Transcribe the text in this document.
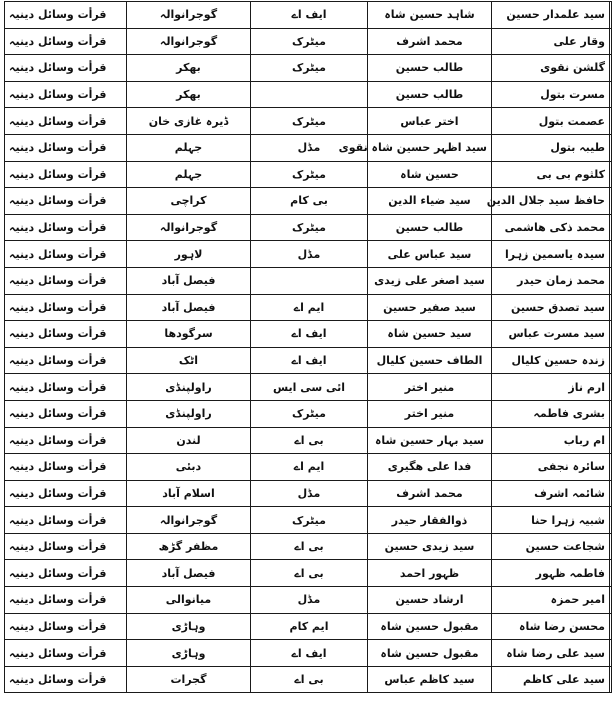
قرأت وسائل دینیہ	گوجرانوالہ	ایف اے	شاہد حسین شاہ	سید علمدار حسین	
قرأت وسائل دینیہ	گوجرانوالہ	میٹرک	محمد اشرف	وقار علی	
قرأت وسائل دینیہ	بھکر	میٹرک	طالب حسین	گلشن نقوی	
قرأت وسائل دینیہ	بھکر		طالب حسین	مسرت بتول	
قرأت وسائل دینیہ	ڈیرہ غازی خان	میٹرک	اختر عباس	عصمت بتول	
قرأت وسائل دینیہ	جہلم	مڈل	سید اظہر حسین شاہ نقوی	طیبہ بتول	
قرأت وسائل دینیہ	جہلم	میٹرک	حسین شاہ	کلثوم بی بی	
قرأت وسائل دینیہ	کراچی	بی کام	سید ضیاء الدین	حافظ سید جلال الدین	
قرأت وسائل دینیہ	گوجرانوالہ	میٹرک	طالب حسین	محمد ذکی ھاشمی	
قرأت وسائل دینیہ	لاہور	مڈل	سید عباس علی	سیدہ یاسمین زہرا	
قرأت وسائل دینیہ	فیصل آباد		سید اصغر علی زیدی	محمد زمان حیدر	
قرأت وسائل دینیہ	فیصل آباد	ایم اے	سید صفیر حسین	سید تصدق حسین	
قرأت وسائل دینیہ	سرگودھا	ایف اے	سید حسین شاہ	سید مسرت عباس	
قرأت وسائل دینیہ	اٹک	ایف اے	الطاف حسین کلیال	زندہ حسین کلیال	
قرأت وسائل دینیہ	راولپنڈی	ائی سی ایس	منیر اختر	ارم ناز	
قرأت وسائل دینیہ	راولپنڈی	میٹرک	منیر اختر	بشری فاطمہ	
قرأت وسائل دینیہ	لندن	بی اے	سید بہار حسین شاہ	ام رباب	
قرأت وسائل دینیہ	دبئی	ایم اے	فدا علی ھگیری	سائرہ نجفی	
قرأت وسائل دینیہ	اسلام آباد	مڈل	محمد اشرف	شائمہ اشرف	
قرأت وسائل دینیہ	گوجرانوالہ	میٹرک	ذوالفقار حیدر	شبیہ زہرا حنا	
قرأت وسائل دینیہ	مظفر گڑھ	بی اے	سید زیدی حسین	شجاعت حسین	
قرأت وسائل دینیہ	فیصل آباد	بی اے	ظہور احمد	فاطمہ ظہور	
قرأت وسائل دینیہ	میانوالی	مڈل	ارشاد حسین	امیر حمزہ	
قرأت وسائل دینیہ	وہاڑی	ایم کام	مقبول حسین شاہ	محسن رضا شاہ	
قرأت وسائل دینیہ	وہاڑی	ایف اے	مقبول حسین شاہ	سید علی رضا شاہ	
قرأت وسائل دینیہ	گجرات	بی اے	سید کاظم عباس	سید علی کاظم	
